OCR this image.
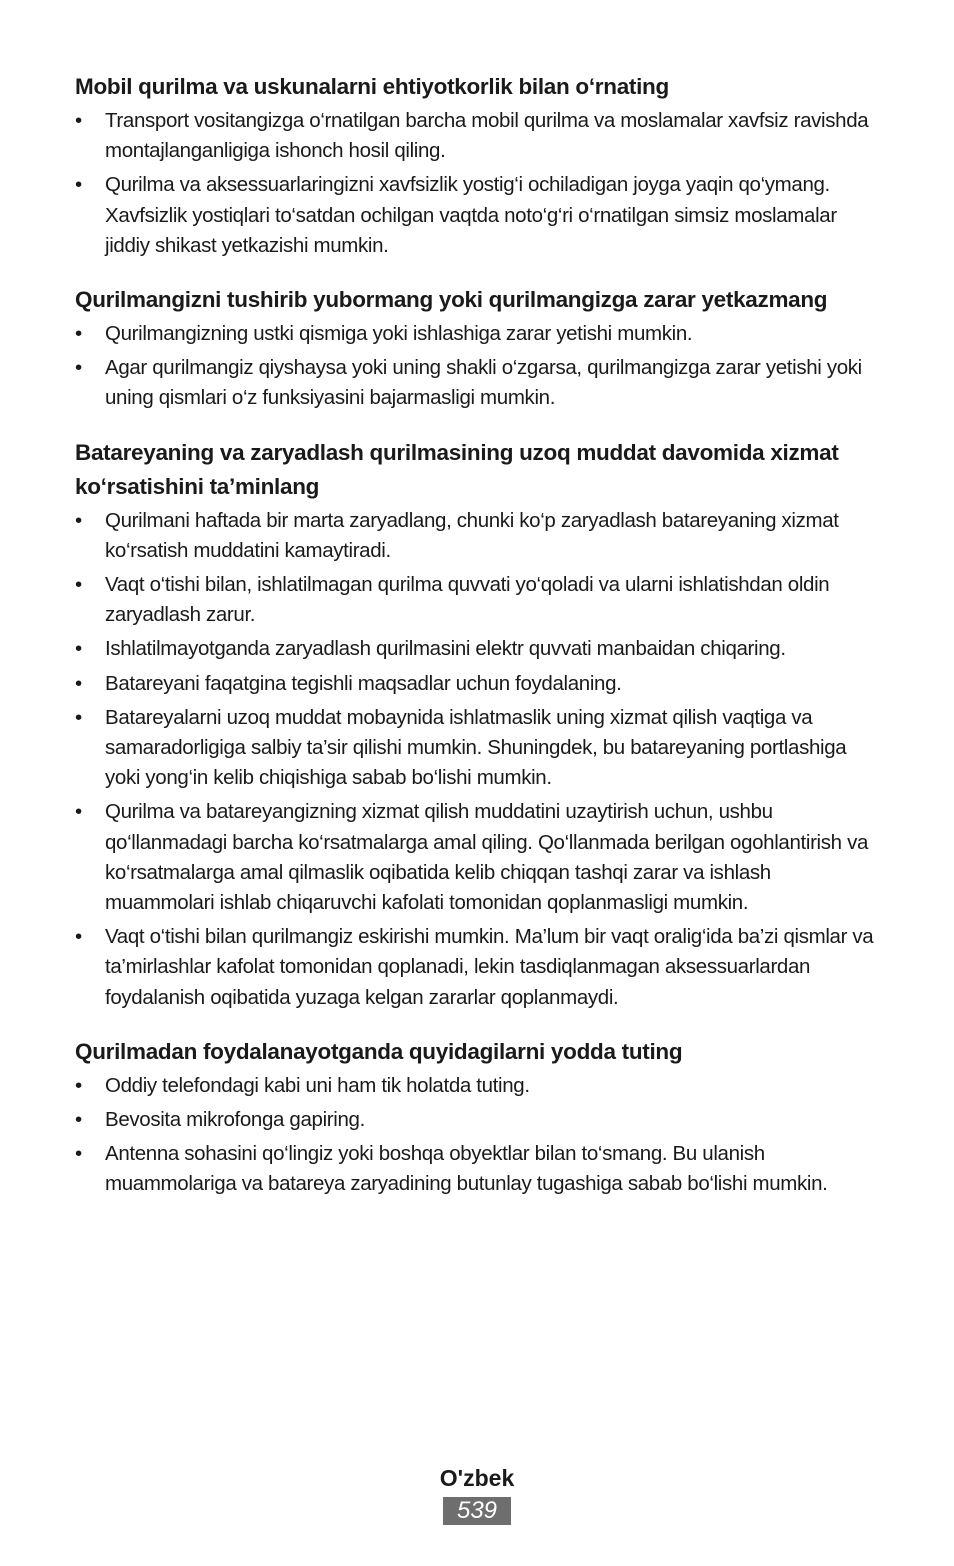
Mobil qurilma va uskunalarni ehtiyotkorlik bilan o‘rnating
•	Transport vositangizga o‘rnatilgan barcha mobil qurilma va moslamalar xavfsiz ravishda montajlanganligiga ishonch hosil qiling.
•	Qurilma va aksessuarlaringizni xavfsizlik yostig‘i ochiladigan joyga yaqin qo‘ymang. Xavfsizlik yostiqlari to‘satdan ochilgan vaqtda noto‘g‘ri o‘rnatilgan simsiz moslamalar jiddiy shikast yetkazishi mumkin.
Qurilmangizni tushirib yubormang yoki qurilmangizga zarar yetkazmang
•	Qurilmangizning ustki qismiga yoki ishlashiga zarar yetishi mumkin.
•	Agar qurilmangiz qiyshaysa yoki uning shakli o‘zgarsa, qurilmangizga zarar yetishi yoki uning qismlari o‘z funksiyasini bajarmasligi mumkin.
Batareyaning va zaryadlash qurilmasining uzoq muddat davomida xizmat ko‘rsatishini ta’minlang
•	Qurilmani haftada bir marta zaryadlang, chunki ko‘p zaryadlash batareyaning xizmat ko‘rsatish muddatini kamaytiradi.
•	Vaqt o‘tishi bilan, ishlatilmagan qurilma quvvati yo‘qoladi va ularni ishlatishdan oldin zaryadlash zarur.
•	Ishlatilmayotganda zaryadlash qurilmasini elektr quvvati manbaidan chiqaring.
•	Batareyani faqatgina tegishli maqsadlar uchun foydalaning.
•	Batareyalarni uzoq muddat mobaynida ishlatmaslik uning xizmat qilish vaqtiga va samaradorligiga salbiy ta’sir qilishi mumkin. Shuningdek, bu batareyaning portlashiga yoki yong‘in kelib chiqishiga sabab bo‘lishi mumkin.
•	Qurilma va batareyangizning xizmat qilish muddatini uzaytirish uchun, ushbu qo‘llanmadagi barcha ko‘rsatmalarga amal qiling. Qo‘llanmada berilgan ogohlantirish va ko‘rsatmalarga amal qilmaslik oqibatida kelib chiqqan tashqi zarar va ishlash muammolari ishlab chiqaruvchi kafolati tomonidan qoplanmasligi mumkin.
•	Vaqt o‘tishi bilan qurilmangiz eskirishi mumkin. Ma’lum bir vaqt oralig‘ida ba’zi qismlar va ta’mirlashlar kafolat tomonidan qoplanadi, lekin tasdiqlanmagan aksessuarlardan foydalanish oqibatida yuzaga kelgan zararlar qoplanmaydi.
Qurilmadan foydalanayotganda quyidagilarni yodda tuting
•	Oddiy telefondagi kabi uni ham tik holatda tuting.
•	Bevosita mikrofonga gapiring.
•	Antenna sohasini qo‘lingiz yoki boshqa obyektlar bilan to‘smang. Bu ulanish muammolariga va batareya zaryadining butunlay tugashiga sabab bo‘lishi mumkin.
O'zbek
539
